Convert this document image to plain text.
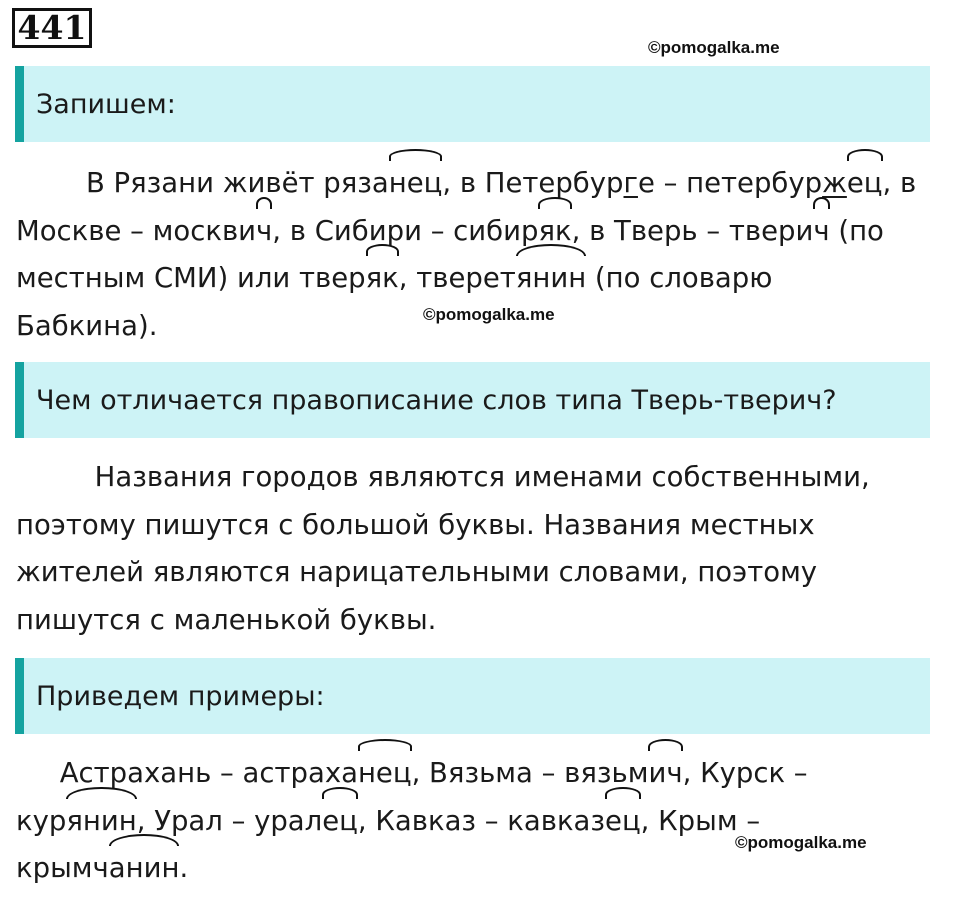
441
©pomogalka.me
Запишем:
В Рязани живёт рязанец, в Петербурге – петербуржец, в
Москве – москвич, в Сибири – сибиряк, в Тверь – тверич (по
местным СМИ) или тверяк, тверетянин (по словарю
Бабкина).	©pomogalka.me
Чем отличается правописание слов типа Тверь-тверич?
Названия городов являются именами собственными,
поэтому пишутся с большой буквы. Названия местных
жителей являются нарицательными словами, поэтому
пишутся с маленькой буквы.
Приведем примеры:
Астрахань – астраханец, Вязьма – вязьмич, Курск –
курянин, Урал – уралец, Кавказ – кавказец, Крым –
крымчанин.
©pomogalka.me
